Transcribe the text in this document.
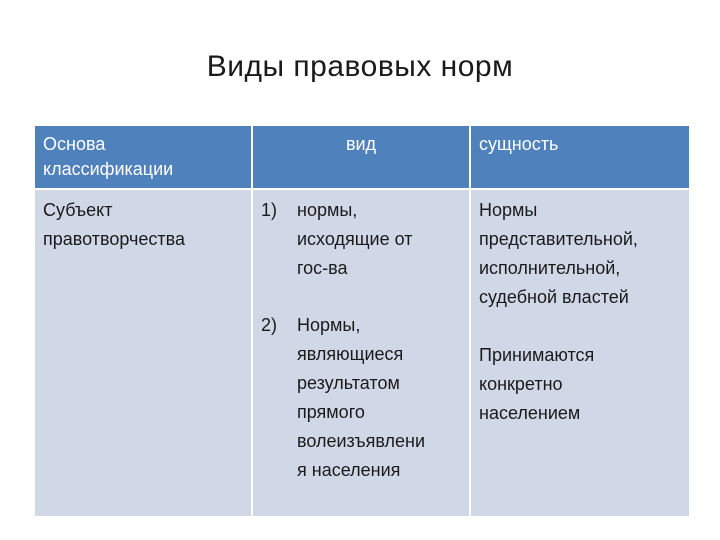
Виды правовых норм
Основа
классификации
вид	сущность
Субъект
правотворчества
1) нормы,
исходящие от
гос-ва
2) Нормы,
являющиеся
результатом
прямого
волеизъявлени
я населения
Нормы
представительной,
исполнительной,
судебной властей
Принимаются
конкретно
населением
